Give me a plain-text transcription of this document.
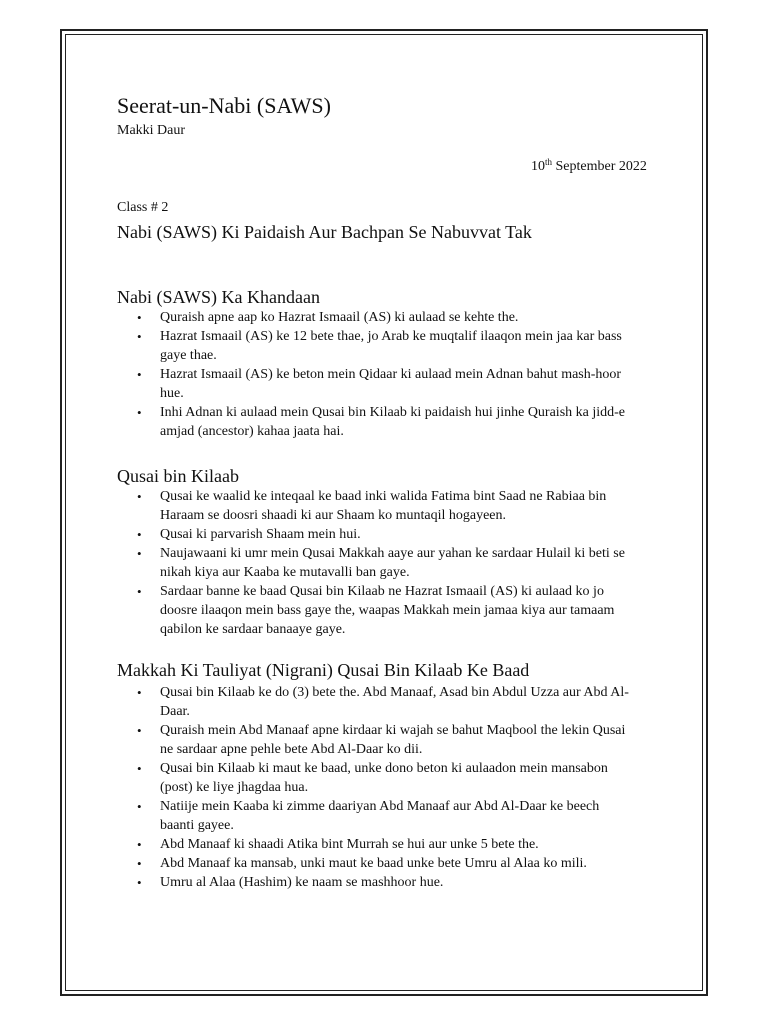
Seerat-un-Nabi (SAWS)
Makki Daur
10th September 2022
Class # 2
Nabi (SAWS) Ki Paidaish Aur Bachpan Se Nabuvvat Tak
Nabi (SAWS) Ka Khandaan
• Quraish apne aap ko Hazrat Ismaail (AS) ki aulaad se kehte the.
• Hazrat Ismaail (AS) ke 12 bete thae, jo Arab ke muqtalif ilaaqon mein jaa kar bass
gaye thae.
• Hazrat Ismaail (AS) ke beton mein Qidaar ki aulaad mein Adnan bahut mash-hoor
hue.
• Inhi Adnan ki aulaad mein Qusai bin Kilaab ki paidaish hui jinhe Quraish ka jidd-e
amjad (ancestor) kahaa jaata hai.
Qusai bin Kilaab
• Qusai ke waalid ke inteqaal ke baad inki walida Fatima bint Saad ne Rabiaa bin
Haraam se doosri shaadi ki aur Shaam ko muntaqil hogayeen.
• Qusai ki parvarish Shaam mein hui.
• Naujawaani ki umr mein Qusai Makkah aaye aur yahan ke sardaar Hulail ki beti se
nikah kiya aur Kaaba ke mutavalli ban gaye.
• Sardaar banne ke baad Qusai bin Kilaab ne Hazrat Ismaail (AS) ki aulaad ko jo
doosre ilaaqon mein bass gaye the, waapas Makkah mein jamaa kiya aur tamaam
qabilon ke sardaar banaaye gaye.
Makkah Ki Tauliyat (Nigrani) Qusai Bin Kilaab Ke Baad
• Qusai bin Kilaab ke do (3) bete the. Abd Manaaf, Asad bin Abdul Uzza aur Abd Al-
Daar.
• Quraish mein Abd Manaaf apne kirdaar ki wajah se bahut Maqbool the lekin Qusai
ne sardaar apne pehle bete Abd Al-Daar ko dii.
• Qusai bin Kilaab ki maut ke baad, unke dono beton ki aulaadon mein mansabon
(post) ke liye jhagdaa hua.
• Natiije mein Kaaba ki zimme daariyan Abd Manaaf aur Abd Al-Daar ke beech
baanti gayee.
• Abd Manaaf ki shaadi Atika bint Murrah se hui aur unke 5 bete the.
• Abd Manaaf ka mansab, unki maut ke baad unke bete Umru al Alaa ko mili.
• Umru al Alaa (Hashim) ke naam se mashhoor hue.
